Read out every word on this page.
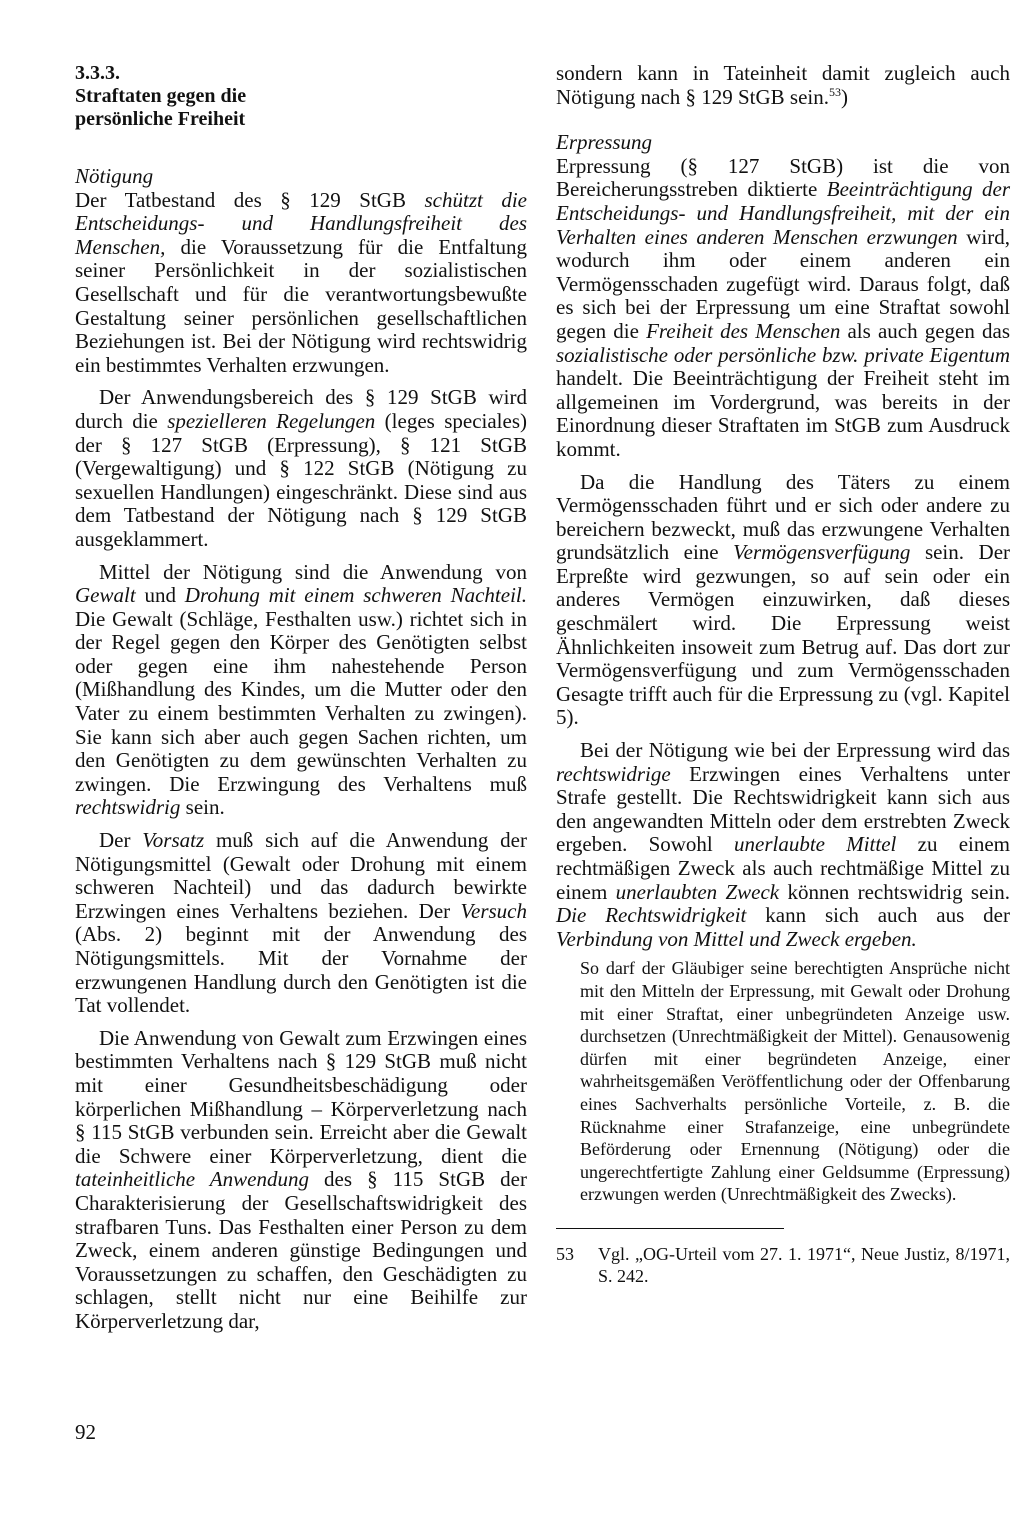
3.3.3.
Straftaten gegen die
persönliche Freiheit

Nötigung

Der Tatbestand des § 129 StGB schützt die Entscheidungs- und Handlungsfreiheit des Menschen, die Voraussetzung für die Entfaltung seiner Persönlichkeit in der sozialistischen Gesellschaft und für die verantwortungsbewußte Gestaltung seiner persönlichen gesellschaftlichen Beziehungen ist. Bei der Nötigung wird rechtswidrig ein bestimmtes Verhalten erzwungen.

Der Anwendungsbereich des § 129 StGB wird durch die spezielleren Regelungen (leges speciales) der § 127 StGB (Erpressung), § 121 StGB (Vergewaltigung) und § 122 StGB (Nötigung zu sexuellen Handlungen) eingeschränkt. Diese sind aus dem Tatbestand der Nötigung nach § 129 StGB ausgeklammert.

Mittel der Nötigung sind die Anwendung von Gewalt und Drohung mit einem schweren Nachteil. Die Gewalt (Schläge, Festhalten usw.) richtet sich in der Regel gegen den Körper des Genötigten selbst oder gegen eine ihm nahestehende Person (Mißhandlung des Kindes, um die Mutter oder den Vater zu einem bestimmten Verhalten zu zwingen). Sie kann sich aber auch gegen Sachen richten, um den Genötigten zu dem gewünschten Verhalten zu zwingen. Die Erzwingung des Verhaltens muß rechtswidrig sein.

Der Vorsatz muß sich auf die Anwendung der Nötigungsmittel (Gewalt oder Drohung mit einem schweren Nachteil) und das dadurch bewirkte Erzwingen eines Verhaltens beziehen. Der Versuch (Abs. 2) beginnt mit der Anwendung des Nötigungsmittels. Mit der Vornahme der erzwungenen Handlung durch den Genötigten ist die Tat vollendet.

Die Anwendung von Gewalt zum Erzwingen eines bestimmten Verhaltens nach § 129 StGB muß nicht mit einer Gesundheitsbeschädigung oder körperlichen Mißhandlung – Körperverletzung nach § 115 StGB verbunden sein. Erreicht aber die Gewalt die Schwere einer Körperverletzung, dient die tateinheitliche Anwendung des § 115 StGB der Charakterisierung der Gesellschaftswidrigkeit des strafbaren Tuns. Das Festhalten einer Person zu dem Zweck, einem anderen günstige Bedingungen und Voraussetzungen zu schaffen, den Geschädigten zu schlagen, stellt nicht nur eine Beihilfe zur Körperverletzung dar,

sondern kann in Tateinheit damit zugleich auch Nötigung nach § 129 StGB sein.$^{53}$)

Erpressung

Erpressung (§ 127 StGB) ist die von Bereicherungsstreben diktierte Beeinträchtigung der Entscheidungs- und Handlungsfreiheit, mit der ein Verhalten eines anderen Menschen erzwungen wird, wodurch ihm oder einem anderen ein Vermögensschaden zugefügt wird. Daraus folgt, daß es sich bei der Erpressung um eine Straftat sowohl gegen die Freiheit des Menschen als auch gegen das sozialistische oder persönliche bzw. private Eigentum handelt. Die Beeinträchtigung der Freiheit steht im allgemeinen im Vordergrund, was bereits in der Einordnung dieser Straftaten im StGB zum Ausdruck kommt.

Da die Handlung des Täters zu einem Vermögensschaden führt und er sich oder andere zu bereichern bezweckt, muß das erzwungene Verhalten grundsätzlich eine Vermögensverfügung sein. Der Erpreßte wird gezwungen, so auf sein oder ein anderes Vermögen einzuwirken, daß dieses geschmälert wird. Die Erpressung weist Ähnlichkeiten insoweit zum Betrug auf. Das dort zur Vermögensverfügung und zum Vermögensschaden Gesagte trifft auch für die Erpressung zu (vgl. Kapitel 5).

Bei der Nötigung wie bei der Erpressung wird das rechtswidrige Erzwingen eines Verhaltens unter Strafe gestellt. Die Rechtswidrigkeit kann sich aus den angewandten Mitteln oder dem erstrebten Zweck ergeben. Sowohl unerlaubte Mittel zu einem rechtmäßigen Zweck als auch rechtmäßige Mittel zu einem unerlaubten Zweck können rechtswidrig sein. Die Rechtswidrigkeit kann sich auch aus der Verbindung von Mittel und Zweck ergeben.

So darf der Gläubiger seine berechtigten Ansprüche nicht mit den Mitteln der Erpressung, mit Gewalt oder Drohung mit einer Straftat, einer unbegründeten Anzeige usw. durchsetzen (Unrechtmäßigkeit der Mittel). Genausowenig dürfen mit einer begründeten Anzeige, einer wahrheitsgemäßen Veröffentlichung oder der Offenbarung eines Sachverhalts persönliche Vorteile, z. B. die Rücknahme einer Strafanzeige, eine unbegründete Beförderung oder Ernennung (Nötigung) oder die ungerechtfertigte Zahlung einer Geldsumme (Erpressung) erzwungen werden (Unrechtmäßigkeit des Zwecks).

53	Vgl. „OG-Urteil vom 27. 1. 1971“, Neue Justiz, 8/1971, S. 242.
92
